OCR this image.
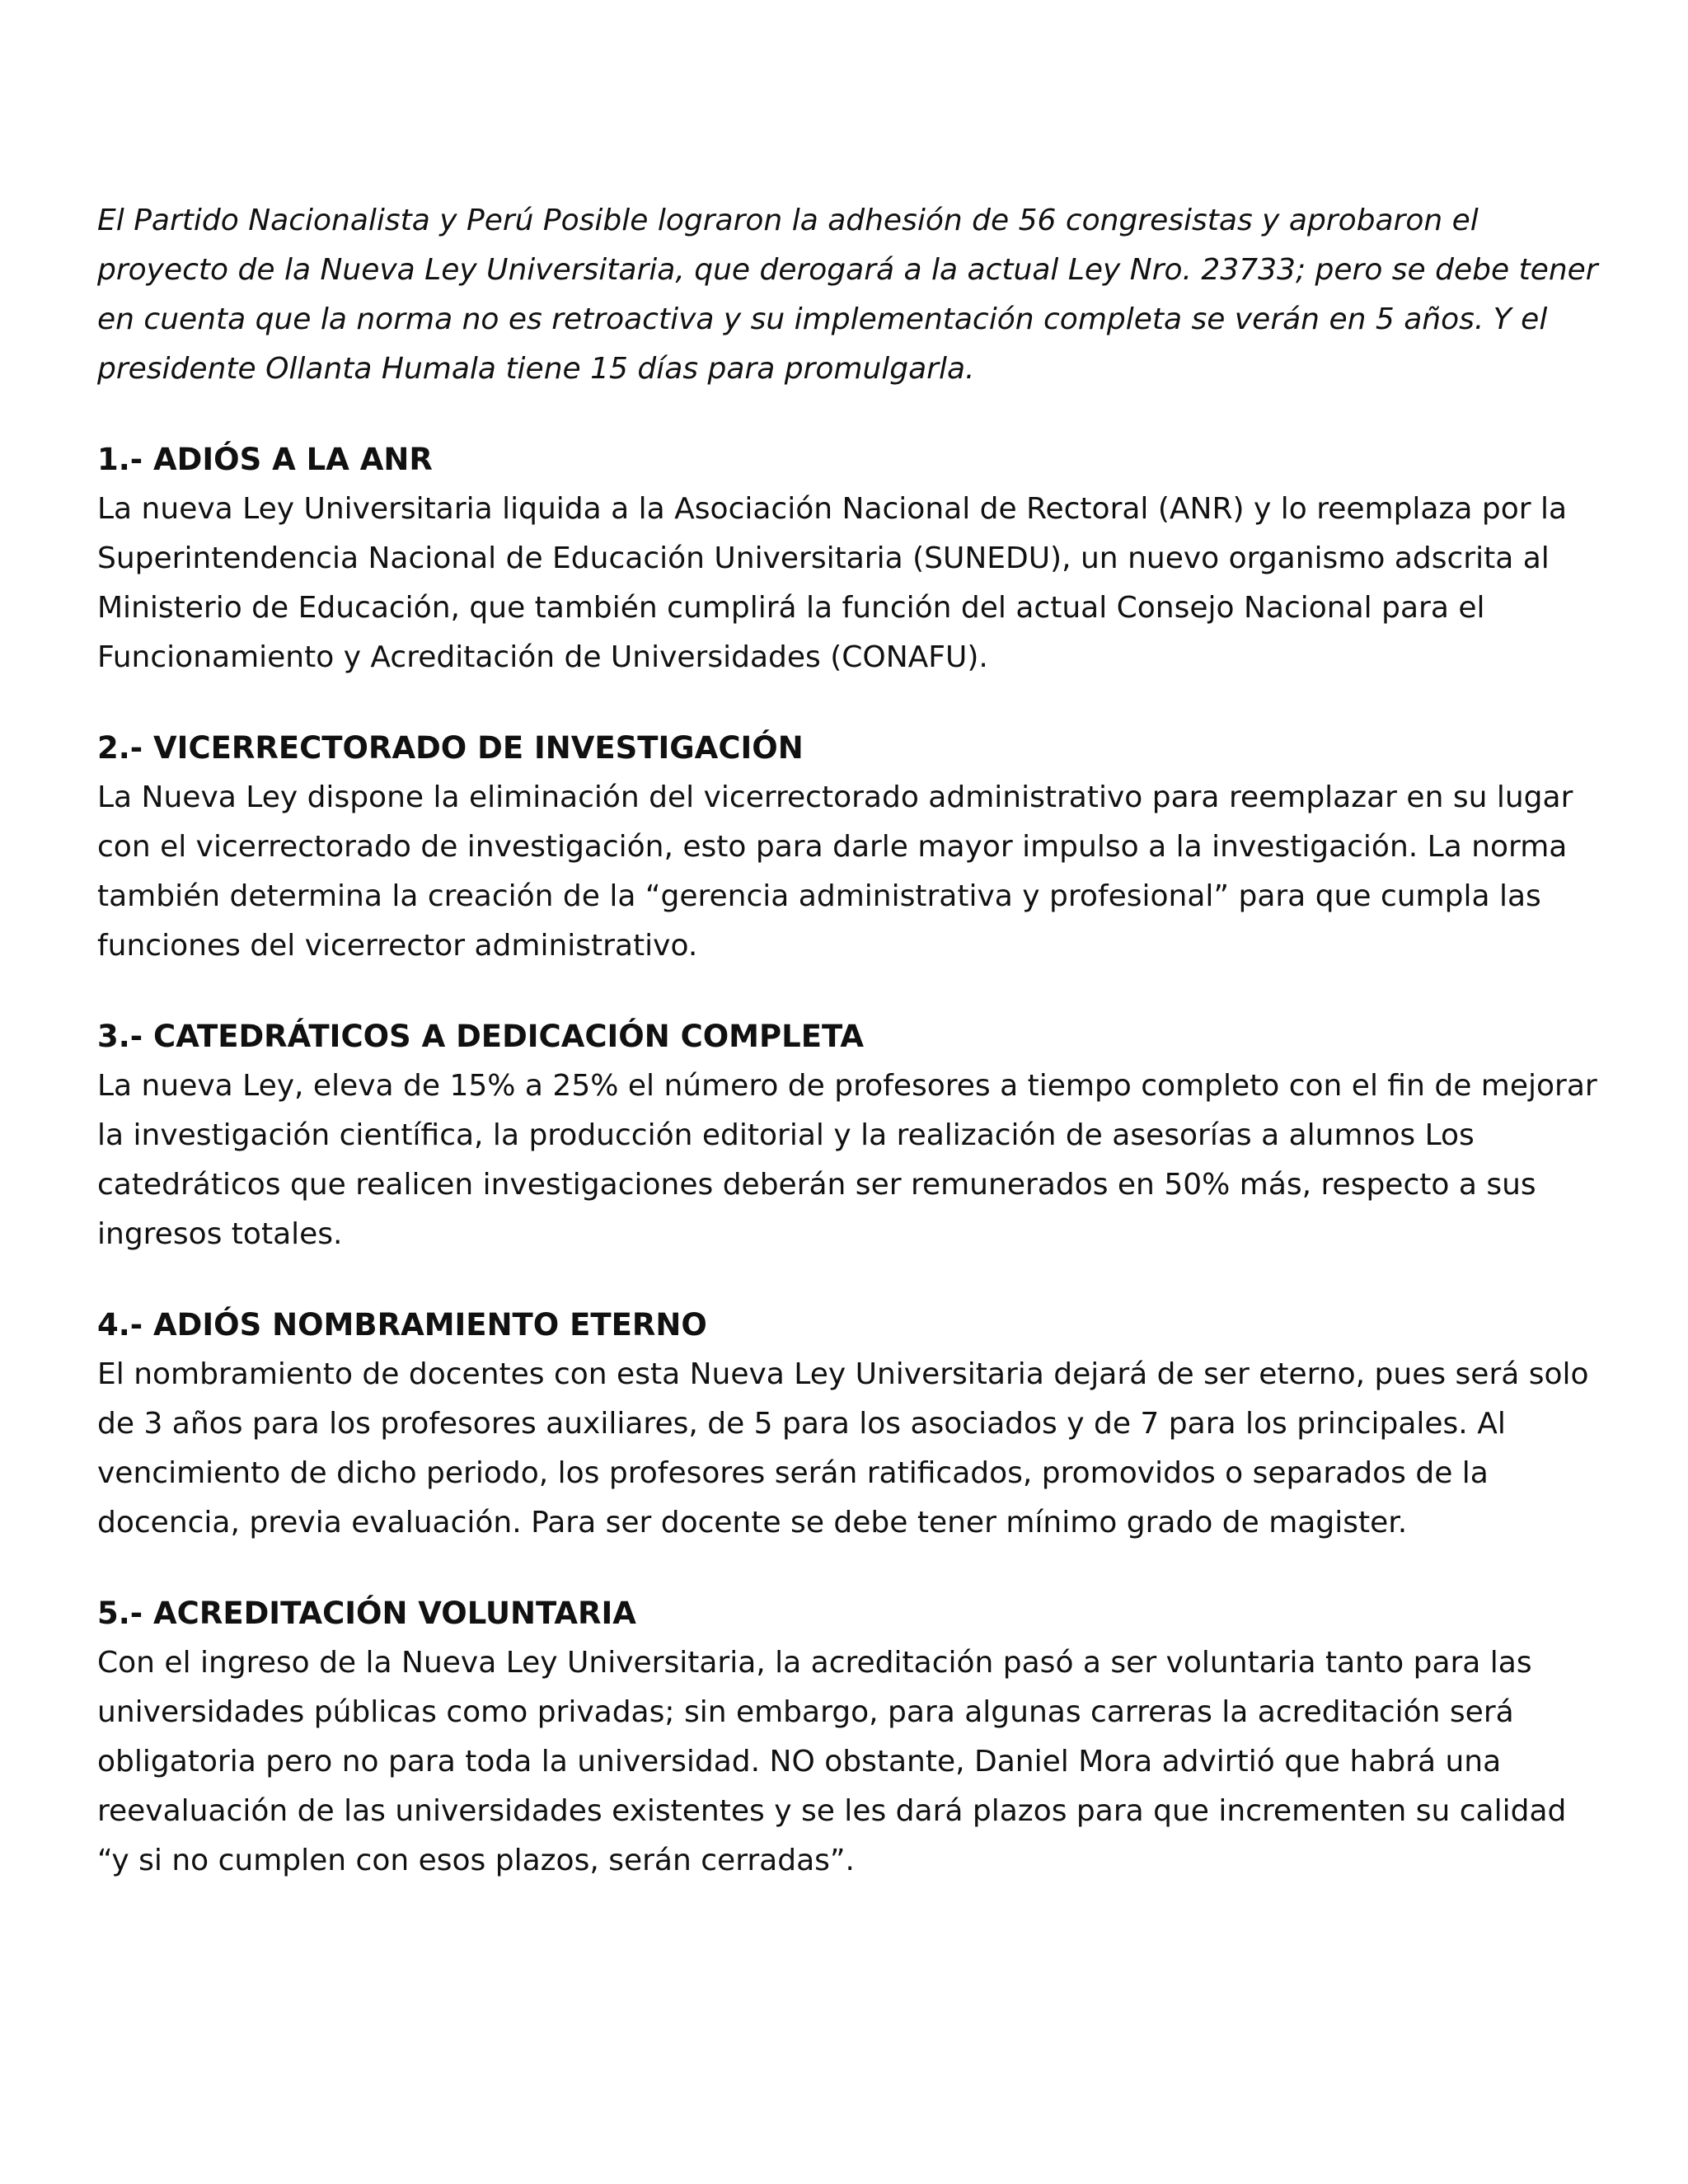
El Partido Nacionalista y Perú Posible lograron la adhesión de 56 congresistas y aprobaron el proyecto de la Nueva Ley Universitaria, que derogará a la actual Ley Nro. 23733; pero se debe tener en cuenta que la norma no es retroactiva y su implementación completa se verán en 5 años. Y el presidente Ollanta Humala tiene 15 días para promulgarla.

1.- ADIÓS A LA ANR

La nueva Ley Universitaria liquida a la Asociación Nacional de Rectoral (ANR) y lo reemplaza por la Superintendencia Nacional de Educación Universitaria (SUNEDU), un nuevo organismo adscrita al Ministerio de Educación, que también cumplirá la función del actual Consejo Nacional para el Funcionamiento y Acreditación de Universidades (CONAFU).

2.- VICERRECTORADO DE INVESTIGACIÓN

La Nueva Ley dispone la eliminación del vicerrectorado administrativo para reemplazar en su lugar con el vicerrectorado de investigación, esto para darle mayor impulso a la investigación. La norma también determina la creación de la “gerencia administrativa y profesional” para que cumpla las funciones del vicerrector administrativo.

3.- CATEDRÁTICOS A DEDICACIÓN COMPLETA

La nueva Ley, eleva de 15% a 25% el número de profesores a tiempo completo con el fin de mejorar la investigación científica, la producción editorial y la realización de asesorías a alumnos Los catedráticos que realicen investigaciones deberán ser remunerados en 50% más, respecto a sus ingresos totales.

4.- ADIÓS NOMBRAMIENTO ETERNO

El nombramiento de docentes con esta Nueva Ley Universitaria dejará de ser eterno, pues será solo de 3 años para los profesores auxiliares, de 5 para los asociados y de 7 para los principales. Al vencimiento de dicho periodo, los profesores serán ratificados, promovidos o separados de la docencia, previa evaluación. Para ser docente se debe tener mínimo grado de magister.

5.- ACREDITACIÓN VOLUNTARIA

Con el ingreso de la Nueva Ley Universitaria, la acreditación pasó a ser voluntaria tanto para las universidades públicas como privadas; sin embargo, para algunas carreras la acreditación será obligatoria pero no para toda la universidad. NO obstante, Daniel Mora advirtió que habrá una reevaluación de las universidades existentes y se les dará plazos para que incrementen su calidad “y si no cumplen con esos plazos, serán cerradas”.
